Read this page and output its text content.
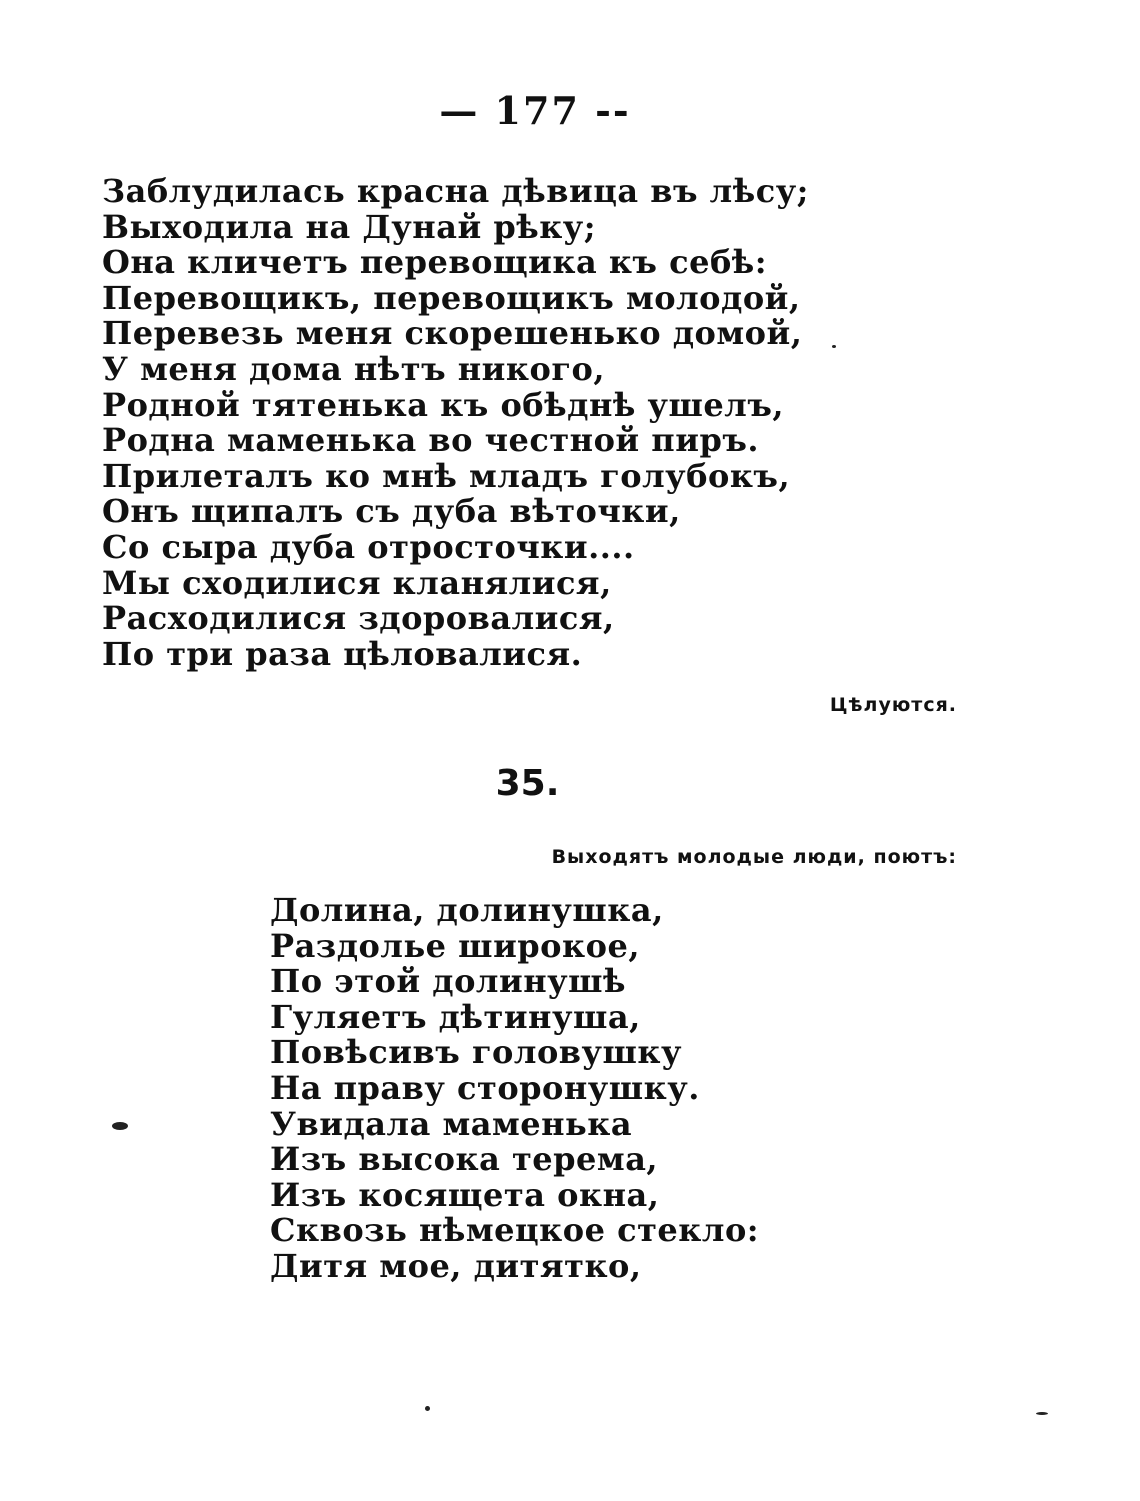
— 177 --
Заблудилась красна дѣвица въ лѣсу;
Выходила на Дунай рѣку;
Она кличетъ перевощика къ себѣ:
Перевощикъ, перевощикъ молодой,
Перевезь меня скорешенько домой,
У меня дома нѣтъ никого,
Родной тятенька къ обѣднѣ ушелъ,
Родна маменька во честной пиръ.
Прилеталъ ко мнѣ младъ голубокъ,
Онъ щипалъ съ дуба вѣточки,
Со сыра дуба отросточки....
Мы сходилися кланялися,
Расходилися здоровалися,
По три раза цѣловалися.
Цѣлуются.
35.
Выходятъ молодые люди, поютъ:
Долина, долинушка,
Раздолье широкое,
По этой долинушѣ
Гуляетъ дѣтинуша,
Повѣсивъ головушку
На праву сторонушку.
Увидала маменька
Изъ высока терема,
Изъ косящета окна,
Сквозь нѣмецкое стекло:
Дитя мое, дитятко,
